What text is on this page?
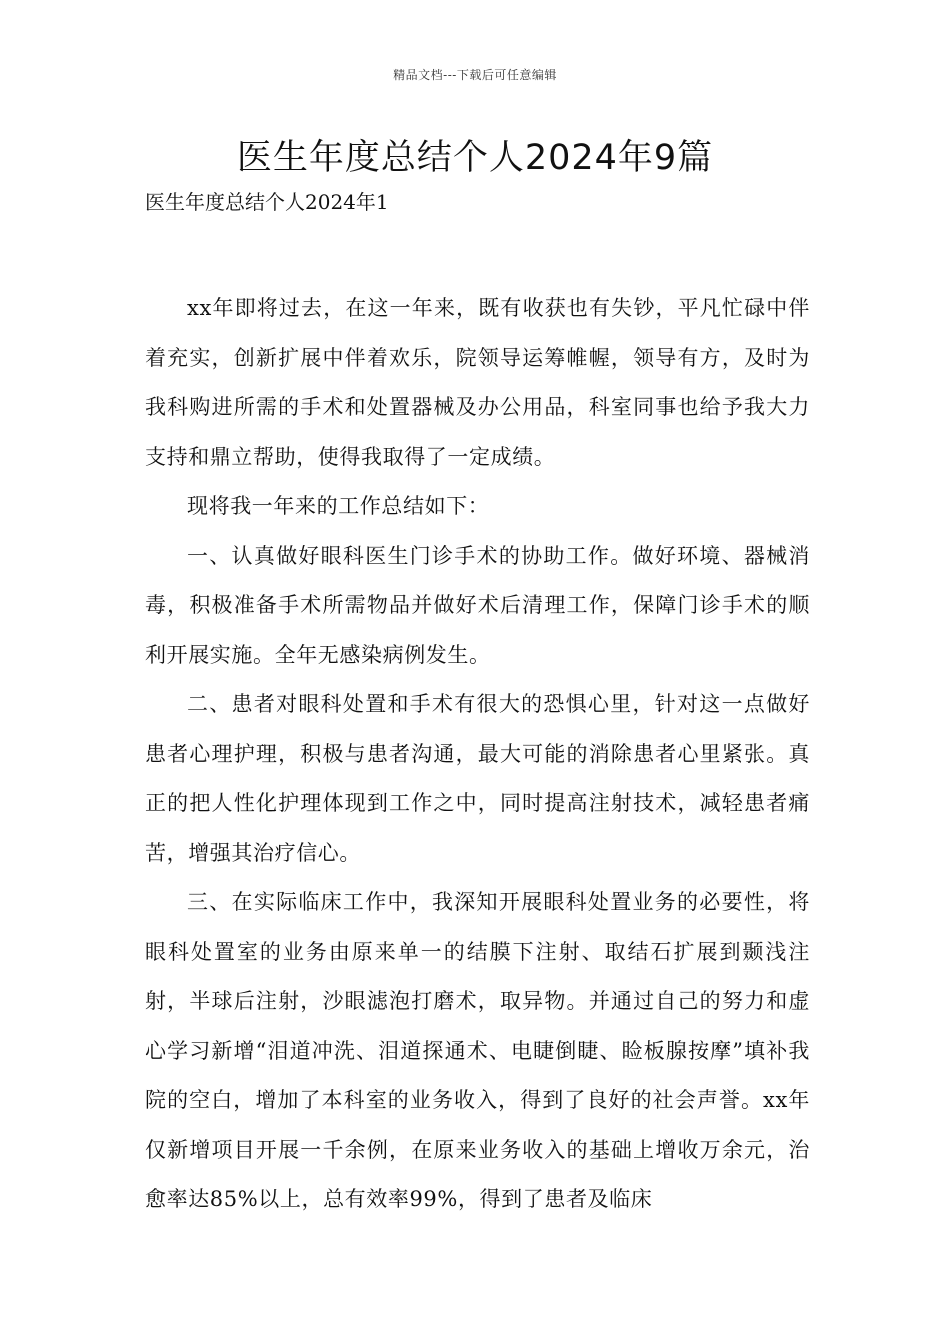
精品文档---下载后可任意编辑
医生年度总结个人2024年9篇

医生年度总结个人2024年1

xx年即将过去，在这一年来，既有收获也有失钞，平凡忙碌中伴着充实，创新扩展中伴着欢乐，院领导运筹帷幄，领导有方，及时为我科购进所需的手术和处置器械及办公用品，科室同事也给予我大力支持和鼎立帮助，使得我取得了一定成绩。

现将我一年来的工作总结如下：

一、认真做好眼科医生门诊手术的协助工作。做好环境、器械消毒，积极准备手术所需物品并做好术后清理工作，保障门诊手术的顺利开展实施。全年无感染病例发生。

二、患者对眼科处置和手术有很大的恐惧心里，针对这一点做好患者心理护理，积极与患者沟通，最大可能的消除患者心里紧张。真正的把人性化护理体现到工作之中，同时提高注射技术，减轻患者痛苦，增强其治疗信心。

三、在实际临床工作中，我深知开展眼科处置业务的必要性，将眼科处置室的业务由原来单一的结膜下注射、取结石扩展到颞浅注射，半球后注射，沙眼滤泡打磨术，取异物。并通过自己的努力和虚心学习新增“泪道冲洗、泪道探通术、电睫倒睫、睑板腺按摩”填补我院的空白，增加了本科室的业务收入，得到了良好的社会声誉。xx年仅新增项目开展一千余例，在原来业务收入的基础上增收万余元，治愈率达85%以上，总有效率99%，得到了患者及临床
